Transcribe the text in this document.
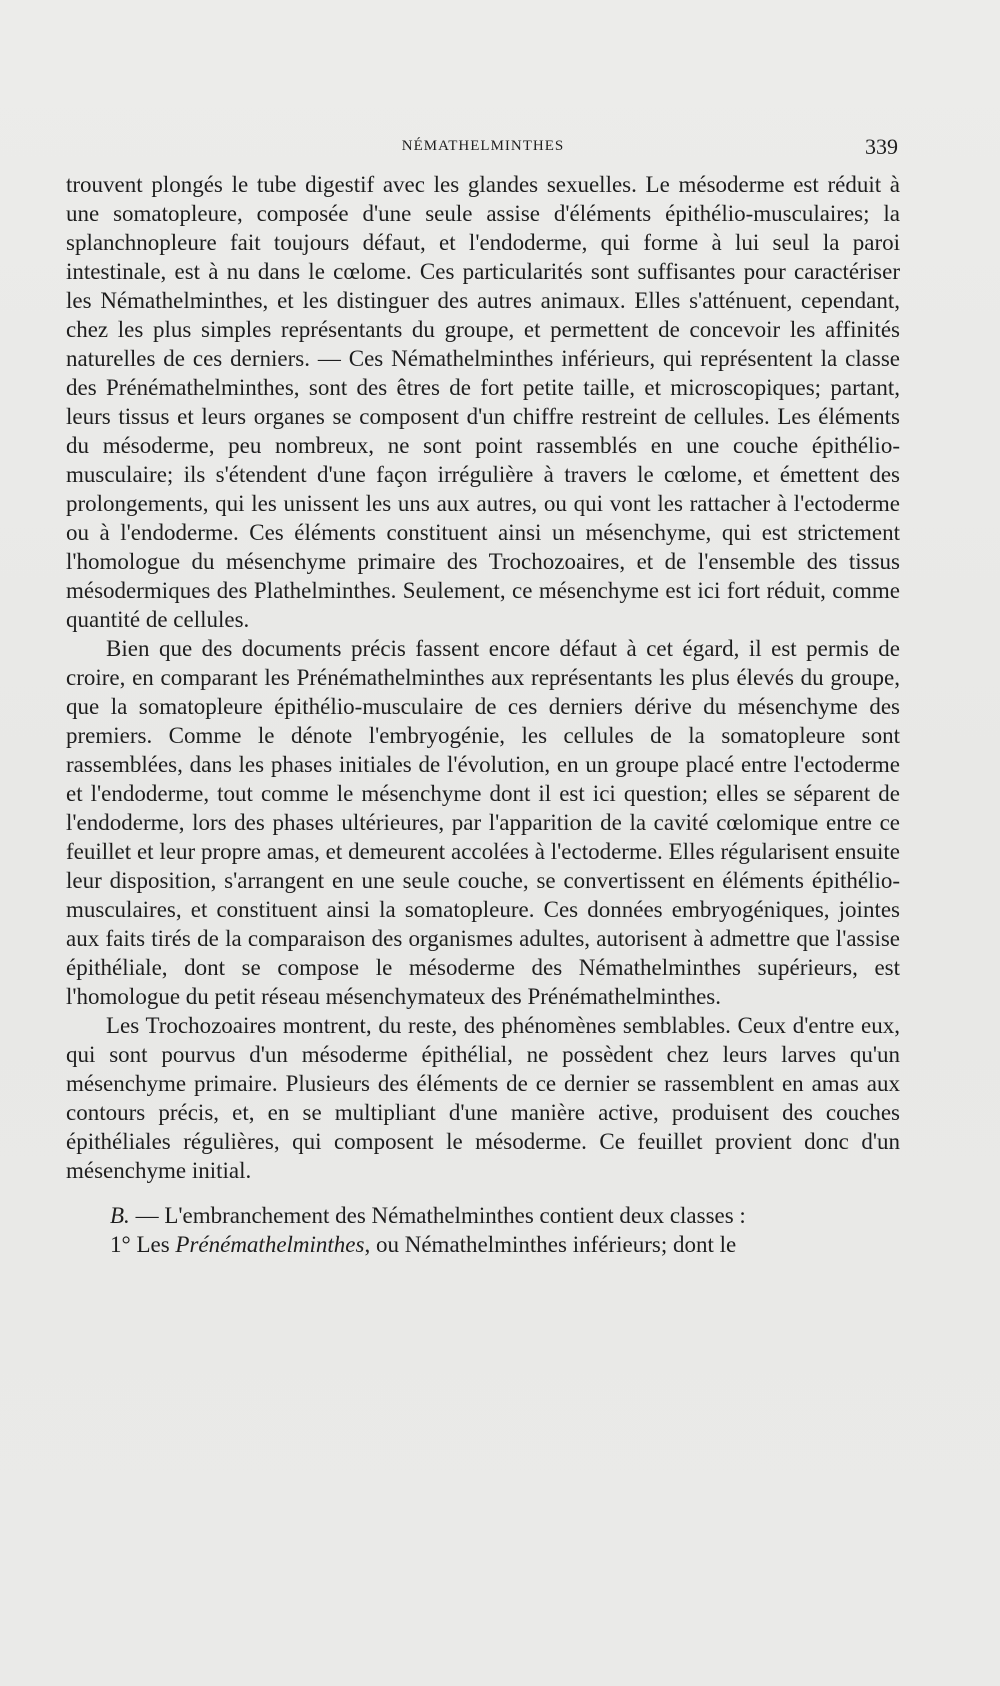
NÉMATHELMINTHES	339

trouvent plongés le tube digestif avec les glandes sexuelles. Le mésoderme est réduit à une somatopleure, composée d'une seule assise d'éléments épithélio-musculaires; la splanchnopleure fait toujours défaut, et l'endoderme, qui forme à lui seul la paroi intestinale, est à nu dans le cœlome. Ces particularités sont suffisantes pour caractériser les Némathelminthes, et les distinguer des autres animaux. Elles s'atténuent, cependant, chez les plus simples représentants du groupe, et permettent de concevoir les affinités naturelles de ces derniers. — Ces Némathelminthes inférieurs, qui représentent la classe des Prénémathelminthes, sont des êtres de fort petite taille, et microscopiques; partant, leurs tissus et leurs organes se composent d'un chiffre restreint de cellules. Les éléments du mésoderme, peu nombreux, ne sont point rassemblés en une couche épithélio-musculaire; ils s'étendent d'une façon irrégulière à travers le cœlome, et émettent des prolongements, qui les unissent les uns aux autres, ou qui vont les rattacher à l'ectoderme ou à l'endoderme. Ces éléments constituent ainsi un mésenchyme, qui est strictement l'homologue du mésenchyme primaire des Trochozoaires, et de l'ensemble des tissus mésodermiques des Plathelminthes. Seulement, ce mésenchyme est ici fort réduit, comme quantité de cellules.

Bien que des documents précis fassent encore défaut à cet égard, il est permis de croire, en comparant les Prénémathelminthes aux représentants les plus élevés du groupe, que la somatopleure épithélio-musculaire de ces derniers dérive du mésenchyme des premiers. Comme le dénote l'embryogénie, les cellules de la somatopleure sont rassemblées, dans les phases initiales de l'évolution, en un groupe placé entre l'ectoderme et l'endoderme, tout comme le mésenchyme dont il est ici question; elles se séparent de l'endoderme, lors des phases ultérieures, par l'apparition de la cavité cœlomique entre ce feuillet et leur propre amas, et demeurent accolées à l'ectoderme. Elles régularisent ensuite leur disposition, s'arrangent en une seule couche, se convertissent en éléments épithélio-musculaires, et constituent ainsi la somatopleure. Ces données embryogéniques, jointes aux faits tirés de la comparaison des organismes adultes, autorisent à admettre que l'assise épithéliale, dont se compose le mésoderme des Némathelminthes supérieurs, est l'homologue du petit réseau mésenchymateux des Prénémathelminthes.

Les Trochozoaires montrent, du reste, des phénomènes semblables. Ceux d'entre eux, qui sont pourvus d'un mésoderme épithélial, ne possèdent chez leurs larves qu'un mésenchyme primaire. Plusieurs des éléments de ce dernier se rassemblent en amas aux contours précis, et, en se multipliant d'une manière active, produisent des couches épithéliales régulières, qui composent le mésoderme. Ce feuillet provient donc d'un mésenchyme initial.

B. — L'embranchement des Némathelminthes contient deux classes :

1° Les Prénémathelminthes, ou Némathelminthes inférieurs; dont le
